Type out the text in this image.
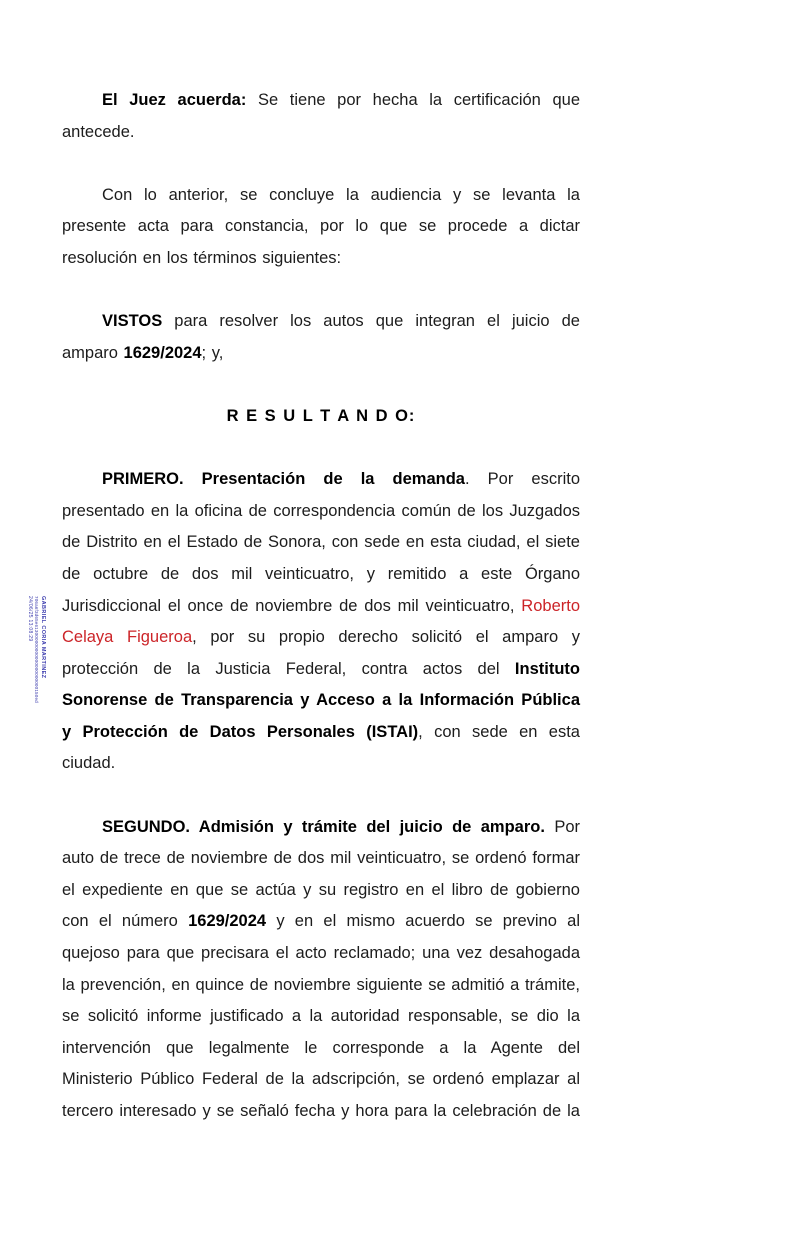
GABRIEL CORIA MARTINEZ
706a6f3d65e613000000000000000000000150ed
24/06/25 13:08:29

El Juez acuerda: Se tiene por hecha la certificación que antecede.

Con lo anterior, se concluye la audiencia y se levanta la presente acta para constancia, por lo que se procede a dictar resolución en los términos siguientes:

VISTOS para resolver los autos que integran el juicio de amparo 1629/2024; y,

R E S U L T A N D O:

PRIMERO. Presentación de la demanda. Por escrito presentado en la oficina de correspondencia común de los Juzgados de Distrito en el Estado de Sonora, con sede en esta ciudad, el siete de octubre de dos mil veinticuatro, y remitido a este Órgano Jurisdiccional el once de noviembre de dos mil veinticuatro, Roberto Celaya Figueroa, por su propio derecho solicitó el amparo y protección de la Justicia Federal, contra actos del Instituto Sonorense de Transparencia y Acceso a la Información Pública y Protección de Datos Personales (ISTAI), con sede en esta ciudad.

SEGUNDO. Admisión y trámite del juicio de amparo. Por auto de trece de noviembre de dos mil veinticuatro, se ordenó formar el expediente en que se actúa y su registro en el libro de gobierno con el número 1629/2024 y en el mismo acuerdo se previno al quejoso para que precisara el acto reclamado; una vez desahogada la prevención, en quince de noviembre siguiente se admitió a trámite, se solicitó informe justificado a la autoridad responsable, se dio la intervención que legalmente le corresponde a la Agente del Ministerio Público Federal de la adscripción, se ordenó emplazar al tercero interesado y se señaló fecha y hora para la celebración de la
